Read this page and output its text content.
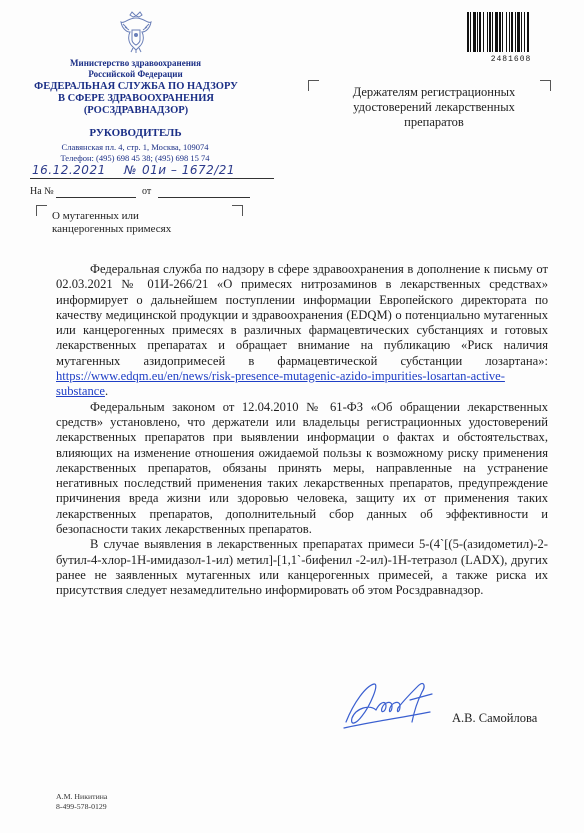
Министерство здравоохранения
Российской Федерации
ФЕДЕРАЛЬНАЯ СЛУЖБА ПО НАДЗОРУ
В СФЕРЕ ЗДРАВООХРАНЕНИЯ
(РОСЗДРАВНАДЗОР)
РУКОВОДИТЕЛЬ
Славянская пл. 4, стр. 1, Москва, 109074
Телефон: (495) 698 45 38; (495) 698 15 74
16.12.2021 № 01и – 1672/21
На №	от
О мутагенных или
канцерогенных примесях
2481608
Держателям регистрационных
удостоверений лекарственных
препаратов

Федеральная служба по надзору в сфере здравоохранения в дополнение к письму от 02.03.2021 № 01И-266/21 «О примесях нитрозаминов в лекарственных средствах» информирует о дальнейшем поступлении информации Европейского директората по качеству медицинской продукции и здравоохранения (EDQM) о потенциально мутагенных или канцерогенных примесях в различных фармацевтических субстанциях и готовых лекарственных препаратах и обращает внимание на публикацию «Риск наличия мутагенных азидопримесей в фармацевтической субстанции лозартана»: https://www.edqm.eu/en/news/risk-presence-mutagenic-azido-impurities-losartan-active-substance.

Федеральным законом от 12.04.2010 № 61-ФЗ «Об обращении лекарственных средств» установлено, что держатели или владельцы регистрационных удостоверений лекарственных препаратов при выявлении информации о фактах и обстоятельствах, влияющих на изменение отношения ожидаемой пользы к возможному риску применения лекарственных препаратов, обязаны принять меры, направленные на устранение негативных последствий применения таких лекарственных препаратов, предупреждение причинения вреда жизни или здоровью человека, защиту их от применения таких лекарственных препаратов, дополнительный сбор данных об эффективности и безопасности таких лекарственных препаратов.

В случае выявления в лекарственных препаратах примеси 5-(4`[(5-(азидометил)-2-бутил-4-хлор-1Н-имидазол-1-ил) метил]-[1,1`-бифенил -2-ил)-1Н-тетразол (LADX), других ранее не заявленных мутагенных или канцерогенных примесей, а также риска их присутствия следует незамедлительно информировать об этом Росздравнадзор.

А.В. Самойлова
А.М. Никитина
8-499-578-0129
